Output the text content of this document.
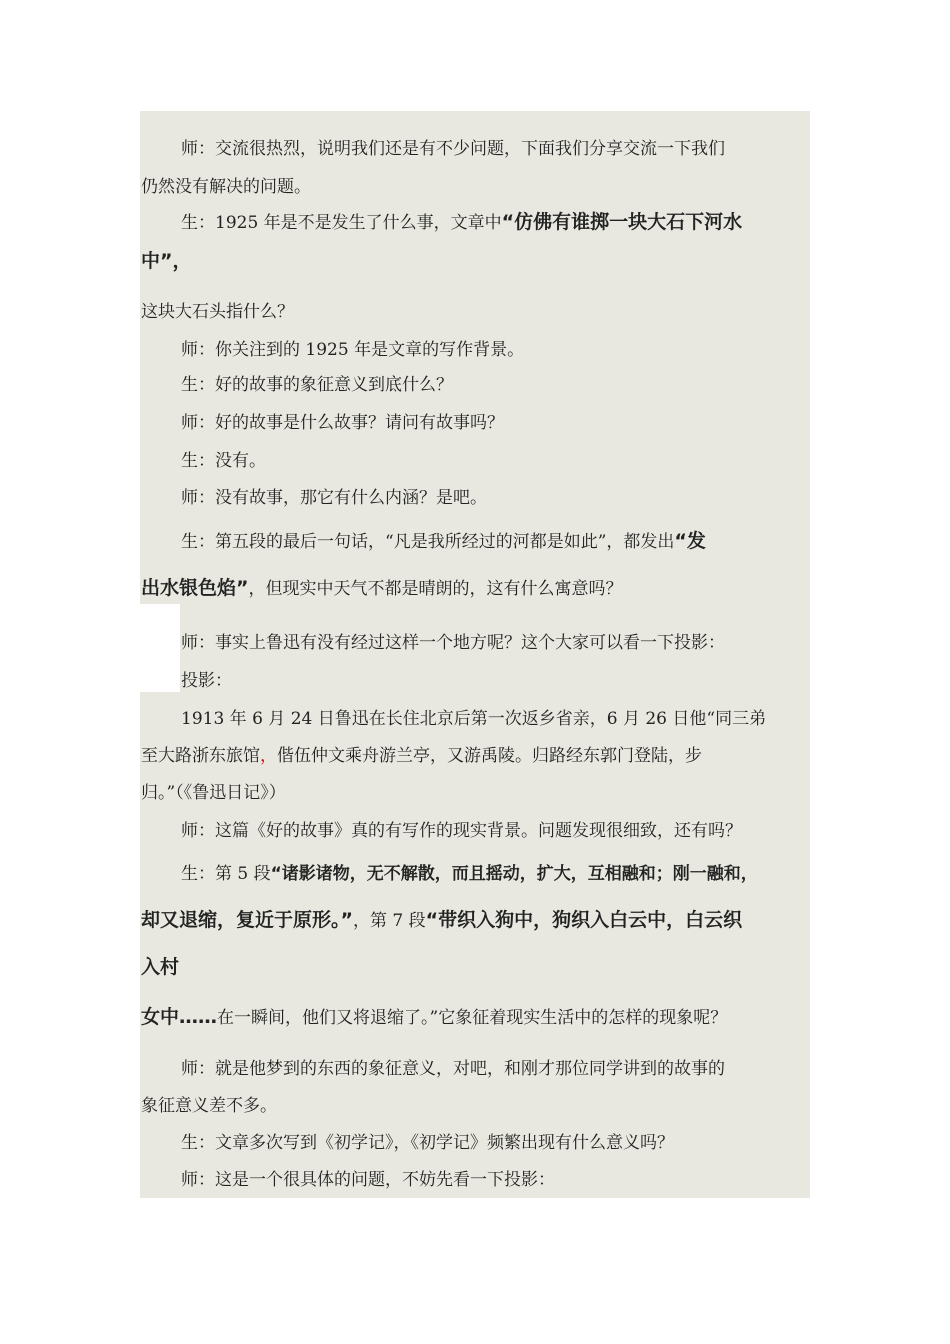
师：交流很热烈，说明我们还是有不少问题，下面我们分享交流一下我们
仍然没有解决的问题。
生：1925 年是不是发生了什么事，文章中“仿佛有谁掷一块大石下河水
中”，
这块大石头指什么？
师：你关注到的 1925 年是文章的写作背景。
生：好的故事的象征意义到底什么？
师：好的故事是什么故事？请问有故事吗？
生：没有。
师：没有故事，那它有什么内涵？是吧。
生：第五段的最后一句话，“凡是我所经过的河都是如此”，都发出“发
出水银色焰”，但现实中天气不都是晴朗的，这有什么寓意吗？
师：事实上鲁迅有没有经过这样一个地方呢？这个大家可以看一下投影：
投影：
1913 年 6 月 24 日鲁迅在长住北京后第一次返乡省亲，6 月 26 日他“同三弟
至大路浙东旅馆，偕伍仲文乘舟游兰亭，又游禹陵。归路经东郭门登陆，步
归。”（《鲁迅日记》）
师：这篇《好的故事》真的有写作的现实背景。问题发现很细致，还有吗？
生：第 5 段“诸影诸物，无不解散，而且摇动，扩大，互相融和；刚一融和，
却又退缩，复近于原形。”，第 7 段“带织入狗中，狗织入白云中，白云织
入村
女中……在一瞬间，他们又将退缩了。”它象征着现实生活中的怎样的现象呢？
师：就是他梦到的东西的象征意义，对吧，和刚才那位同学讲到的故事的
象征意义差不多。
生：文章多次写到《初学记》，《初学记》频繁出现有什么意义吗？
师：这是一个很具体的问题，不妨先看一下投影：
